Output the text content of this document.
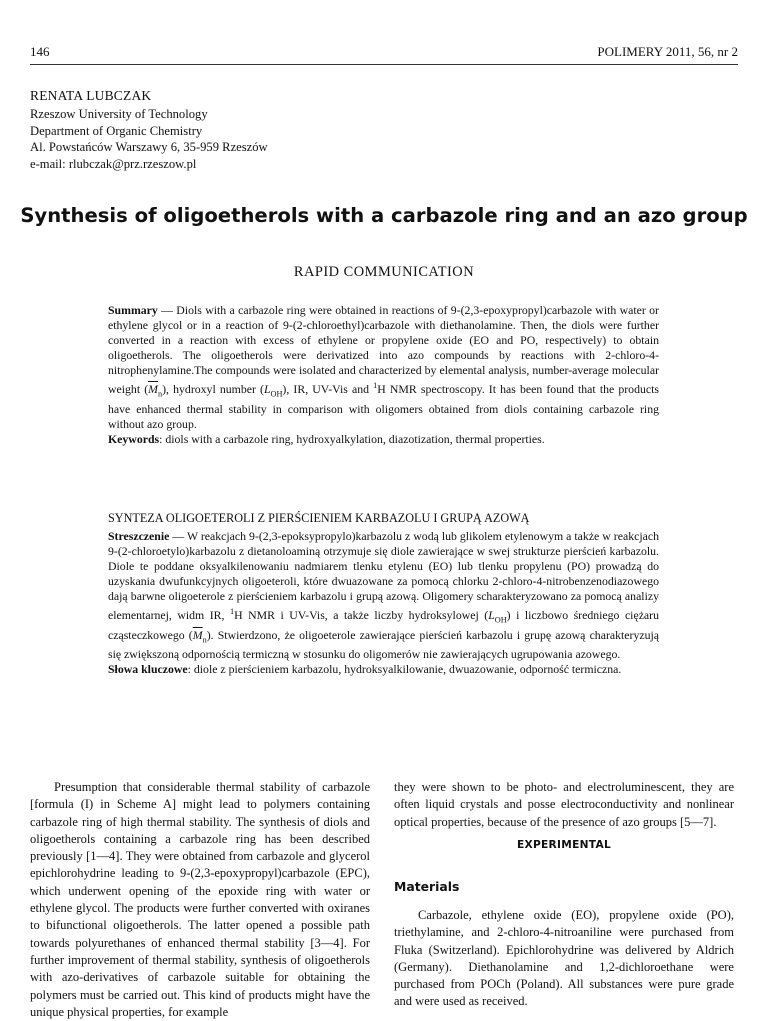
146	POLIMERY 2011, 56, nr 2
RENATA LUBCZAK
Rzeszow University of Technology
Department of Organic Chemistry
Al. Powstańców Warszawy 6, 35-959 Rzeszów
e-mail: rlubczak@prz.rzeszow.pl
Synthesis of oligoetherols with a carbazole ring and an azo group
RAPID COMMUNICATION

Summary — Diols with a carbazole ring were obtained in reactions of 9-(2,3-epoxypropyl)carbazole with water or ethylene glycol or in a reaction of 9-(2-chloroethyl)carbazole with diethanolamine. Then, the diols were further converted in a reaction with excess of ethylene or propylene oxide (EO and PO, respectively) to obtain oligoetherols. The oligoetherols were derivatized into azo compounds by reactions with 2-chloro-4-nitrophenylamine.The compounds were isolated and characterized by elemental analysis, number-average molecular weight $(\overline{M}_n)$, hydroxyl number $(L_{OH})$, IR, UV-Vis and $^1$H NMR spectroscopy. It has been found that the products have enhanced thermal stability in comparison with oligomers obtained from diols containing carbazole ring without azo group.

Keywords: diols with a carbazole ring, hydroxyalkylation, diazotization, thermal properties.

SYNTEZA OLIGOETEROLI Z PIERŚCIENIEM KARBAZOLU I GRUPĄ AZOWĄ

Streszczenie — W reakcjach 9-(2,3-epoksypropylo)karbazolu z wodą lub glikolem etylenowym a także w reakcjach 9-(2-chloroetylo)karbazolu z dietanoloaminą otrzymuje się diole zawierające w swej strukturze pierścień karbazolu. Diole te poddane oksyalkilenowaniu nadmiarem tlenku etylenu (EO) lub tlenku propylenu (PO) prowadzą do uzyskania dwufunkcyjnych oligoeteroli, które dwuazowane za pomocą chlorku 2-chloro-4-nitrobenzenodiazowego dają barwne oligoeterole z pierścieniem karbazolu i grupą azową. Oligomery scharakteryzowano za pomocą analizy elementarnej, widm IR, $^1$H NMR i UV-Vis, a także liczby hydroksylowej $(L_{OH})$ i liczbowo średniego ciężaru cząsteczkowego $(\overline{M}_n)$. Stwierdzono, że oligoeterole zawierające pierścień karbazolu i grupę azową charakteryzują się zwiększoną odpornością termiczną w stosunku do oligomerów nie zawierających ugrupowania azowego.

Słowa kluczowe: diole z pierścieniem karbazolu, hydroksyalkilowanie, dwuazowanie, odporność termiczna.

Presumption that considerable thermal stability of carbazole [formula (I) in Scheme A] might lead to polymers containing carbazole ring of high thermal stability. The synthesis of diols and oligoetherols containing a carbazole ring has been described previously [1—4]. They were obtained from carbazole and glycerol epichlorohydrine leading to 9-(2,3-epoxypropyl)carbazole (EPC), which underwent opening of the epoxide ring with water or ethylene glycol. The products were further converted with oxiranes to bifunctional oligoetherols. The latter opened a possible path towards polyurethanes of enhanced thermal stability [3—4]. For further improvement of thermal stability, synthesis of oligoetherols with azo-derivatives of carbazole suitable for obtaining the polymers must be carried out. This kind of products might have the unique physical properties, for example

they were shown to be photo- and electroluminescent, they are often liquid crystals and posse electroconductivity and nonlinear optical properties, because of the presence of azo groups [5—7].

EXPERIMENTAL
Materials

Carbazole, ethylene oxide (EO), propylene oxide (PO), triethylamine, and 2-chloro-4-nitroaniline were purchased from Fluka (Switzerland). Epichlorohydrine was delivered by Aldrich (Germany). Diethanolamine and 1,2-dichloroethane were purchased from POCh (Poland). All substances were pure grade and were used as received.
